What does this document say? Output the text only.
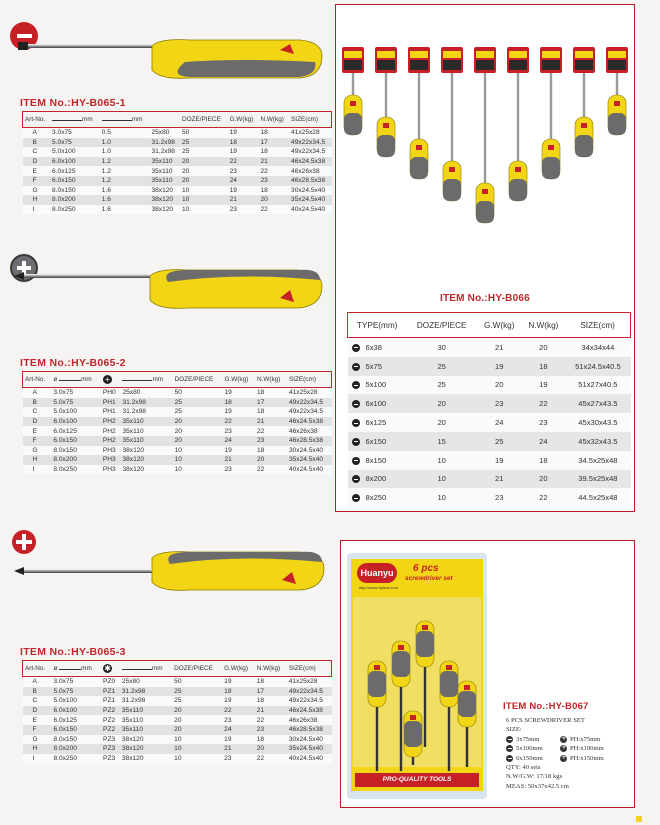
ITEM No.:HY-B065-1
Art-No.	mm	mm		DOZE/PIECE	G.W(kg)	N.W(kg)	SIZE(cm)
A	3.0x75	0.5	25x80	50	19	18	41x25x28
B	5.0x75	1.0	31.2x98	25	18	17	49x22x34.5
C	5.0x100	1.0	31.2x98	25	19	18	49x22x34.5
D	6.0x100	1.2	35x110	20	22	21	46x24.5x38
E	6.0x125	1.2	35x110	20	23	22	46x26x38
F	6.0x150	1.2	35x110	20	24	23	46x28.5x38
G	8.0x150	1.6	38x120	10	19	18	30x24.5x40
H	8.0x200	1.6	38x120	10	21	20	35x24.5x40
I	8.0x250	1.6	38x120	10	23	22	40x24.5x40
ITEM No.:HY-B065-2
Art-No.	ø mm	+	mm	DOZE/PIECE	G.W(kg)	N.W(kg)	SIZE(cm)
A	3.0x75	PH0	25x80	50	19	18	41x25x28
B	5.0x75	PH1	31.2x98	25	18	17	49x22x34.5
C	5.0x100	PH1	31.2x98	25	19	18	49x22x34.5
D	6.0x100	PH2	35x110	20	22	21	46x24.5x38
E	6.0x125	PH2	35x110	20	23	22	46x26x38
F	6.0x150	PH2	35x110	20	24	23	46x28.5x38
G	8.0x150	PH3	38x120	10	19	18	30x24.5x40
H	8.0x200	PH3	38x120	10	21	20	35x24.5x40
I	8.0x250	PH3	38x120	10	23	22	40x24.5x40
ITEM No.:HY-B065-3
Art-No.	ø mm	✱	mm	DOZE/PIECE	G.W(kg)	N.W(kg)	SIZE(cm)
A	3.0x75	PZ0	25x80	50	19	18	41x25x28
B	5.0x75	PZ1	31.2x98	25	18	17	49x22x34.5
C	5.0x100	PZ1	31.2x98	25	19	18	49x22x34.5
D	6.0x100	PZ2	35x110	20	22	21	46x24.5x38
E	6.0x125	PZ2	35x110	20	23	22	46x26x38
F	6.0x150	PZ2	35x110	20	24	23	46x28.5x38
G	8.0x150	PZ3	38x120	10	19	18	30x24.5x40
H	8.0x200	PZ3	38x120	10	21	20	35x24.5x40
I	8.0x250	PZ3	38x120	10	23	22	40x24.5x40
ITEM No.:HY-B066
TYPE(mm)	DOZE/PIECE	G.W(kg)	N.W(kg)	SIZE(cm)
6x38	30	21	20	34x34x44
5x75	25	19	18	51x24.5x40.5
5x100	25	20	19	51x27x40.5
6x100	20	23	22	45x27x43.5
6x125	20	24	23	45x30x43.5
6x150	15	25	24	45x32x43.5
8x150	10	19	18	34.5x25x48
8x200	10	21	20	39.5x25x48
8x250	10	23	22	44.5x25x48
Huanyu	6 pcs
screwdriver set
http://www.hytool.com
PRO-QUALITY TOOLS
ITEM No.:HY-B067
6 PCS SCREWDRIVER SET
SIZE:
3x75mm +	PH:x75mm
5x100mm +	PH:x100mm
6x150mm +	PH:x150mm
QTY: 40 sets
N.W/G.W: 17/18 kgs
MEAS: 50x37x42.5 cm
